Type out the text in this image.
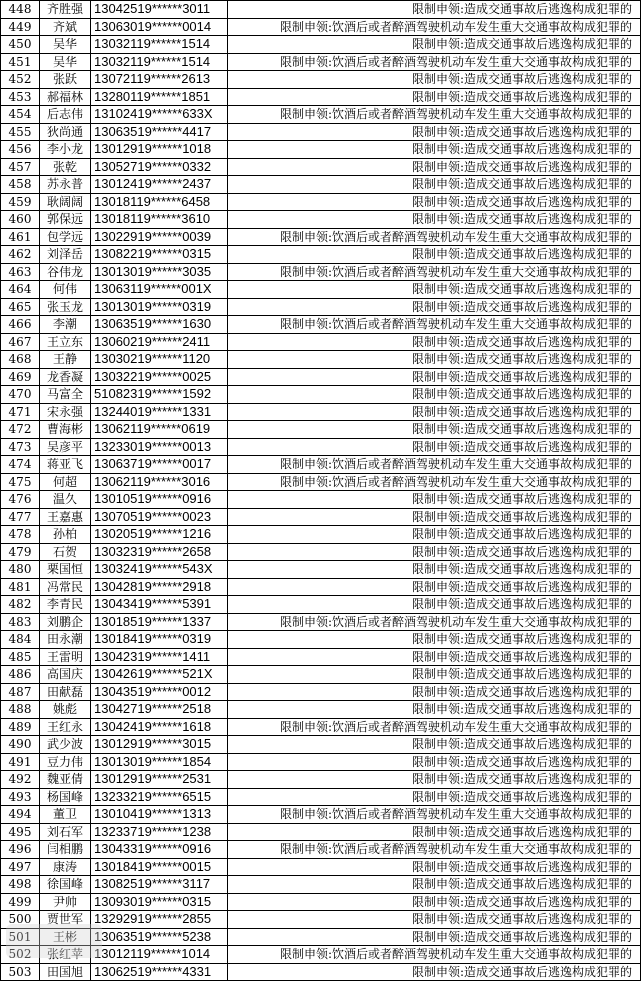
448	齐胜强	13042519******3011	限制申领:造成交通事故后逃逸构成犯罪的
449	齐斌	13063019******0014	限制申领:饮酒后或者醉酒驾驶机动车发生重大交通事故构成犯罪的
450	吴华	13032119******1514	限制申领:造成交通事故后逃逸构成犯罪的
451	吴华	13032119******1514	限制申领:饮酒后或者醉酒驾驶机动车发生重大交通事故构成犯罪的
452	张跃	13072119******2613	限制申领:造成交通事故后逃逸构成犯罪的
453	郝福林	13280119******1851	限制申领:造成交通事故后逃逸构成犯罪的
454	后志伟	13102419******633X	限制申领:饮酒后或者醉酒驾驶机动车发生重大交通事故构成犯罪的
455	狄尚通	13063519******4417	限制申领:造成交通事故后逃逸构成犯罪的
456	李小龙	13012919******1018	限制申领:造成交通事故后逃逸构成犯罪的
457	张乾	13052719******0332	限制申领:造成交通事故后逃逸构成犯罪的
458	苏永普	13012419******2437	限制申领:造成交通事故后逃逸构成犯罪的
459	耿阔阔	13018119******6458	限制申领:造成交通事故后逃逸构成犯罪的
460	郭保远	13018119******3610	限制申领:造成交通事故后逃逸构成犯罪的
461	包学远	13022919******0039	限制申领:饮酒后或者醉酒驾驶机动车发生重大交通事故构成犯罪的
462	刘泽岳	13082219******0315	限制申领:造成交通事故后逃逸构成犯罪的
463	谷伟龙	13013019******3035	限制申领:饮酒后或者醉酒驾驶机动车发生重大交通事故构成犯罪的
464	何伟	13063119******001X	限制申领:造成交通事故后逃逸构成犯罪的
465	张玉龙	13013019******0319	限制申领:造成交通事故后逃逸构成犯罪的
466	李潮	13063519******1630	限制申领:饮酒后或者醉酒驾驶机动车发生重大交通事故构成犯罪的
467	王立东	13060219******2411	限制申领:造成交通事故后逃逸构成犯罪的
468	王静	13030219******1120	限制申领:造成交通事故后逃逸构成犯罪的
469	龙香凝	13032219******0025	限制申领:造成交通事故后逃逸构成犯罪的
470	马富全	51082319******1592	限制申领:造成交通事故后逃逸构成犯罪的
471	宋永强	13244019******1331	限制申领:造成交通事故后逃逸构成犯罪的
472	曹海彬	13062119******0619	限制申领:造成交通事故后逃逸构成犯罪的
473	吴彦平	13233019******0013	限制申领:造成交通事故后逃逸构成犯罪的
474	蒋亚飞	13063719******0017	限制申领:饮酒后或者醉酒驾驶机动车发生重大交通事故构成犯罪的
475	何超	13062119******3016	限制申领:饮酒后或者醉酒驾驶机动车发生重大交通事故构成犯罪的
476	温久	13010519******0916	限制申领:造成交通事故后逃逸构成犯罪的
477	王嘉惠	13070519******0023	限制申领:造成交通事故后逃逸构成犯罪的
478	孙柏	13020519******1216	限制申领:造成交通事故后逃逸构成犯罪的
479	石贺	13032319******2658	限制申领:造成交通事故后逃逸构成犯罪的
480	栗国恒	13032419******543X	限制申领:造成交通事故后逃逸构成犯罪的
481	冯常民	13042819******2918	限制申领:造成交通事故后逃逸构成犯罪的
482	李青民	13043419******5391	限制申领:造成交通事故后逃逸构成犯罪的
483	刘鹏企	13018519******1337	限制申领:饮酒后或者醉酒驾驶机动车发生重大交通事故构成犯罪的
484	田永潮	13018419******0319	限制申领:造成交通事故后逃逸构成犯罪的
485	王雷明	13042319******1411	限制申领:造成交通事故后逃逸构成犯罪的
486	高国庆	13042619******521X	限制申领:造成交通事故后逃逸构成犯罪的
487	田献磊	13043519******0012	限制申领:造成交通事故后逃逸构成犯罪的
488	姚彪	13042719******2518	限制申领:造成交通事故后逃逸构成犯罪的
489	王红永	13042419******1618	限制申领:饮酒后或者醉酒驾驶机动车发生重大交通事故构成犯罪的
490	武少波	13012919******3015	限制申领:造成交通事故后逃逸构成犯罪的
491	豆力伟	13013019******1854	限制申领:造成交通事故后逃逸构成犯罪的
492	魏亚倩	13012919******2531	限制申领:造成交通事故后逃逸构成犯罪的
493	杨国峰	13233219******6515	限制申领:造成交通事故后逃逸构成犯罪的
494	董卫	13010419******1313	限制申领:饮酒后或者醉酒驾驶机动车发生重大交通事故构成犯罪的
495	刘石军	13233719******1238	限制申领:造成交通事故后逃逸构成犯罪的
496	闫相鹏	13043319******0916	限制申领:饮酒后或者醉酒驾驶机动车发生重大交通事故构成犯罪的
497	康涛	13018419******0015	限制申领:造成交通事故后逃逸构成犯罪的
498	徐国峰	13082519******3117	限制申领:造成交通事故后逃逸构成犯罪的
499	尹帅	13093019******0315	限制申领:造成交通事故后逃逸构成犯罪的
500	贾世军	13292919******2855	限制申领:造成交通事故后逃逸构成犯罪的
501	王彬	13063519******5238	限制申领:造成交通事故后逃逸构成犯罪的
502	张红苹	13012119******1014	限制申领:饮酒后或者醉酒驾驶机动车发生重大交通事故构成犯罪的
503	田国旭	13062519******4331	限制申领:造成交通事故后逃逸构成犯罪的
